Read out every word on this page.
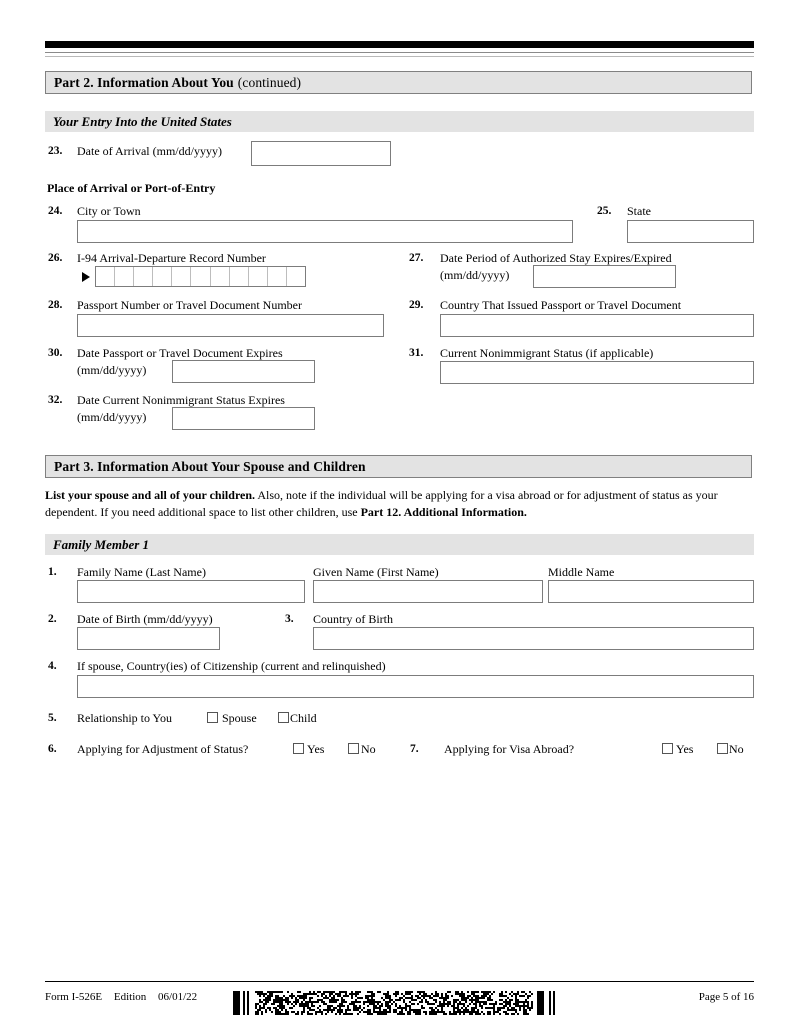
Part 2. Information About You (continued)
Your Entry Into the United States
23. Date of Arrival (mm/dd/yyyy)
Place of Arrival or Port-of-Entry
24. City or Town	25. State
26. I-94 Arrival-Departure Record Number	27. Date Period of Authorized Stay Expires/Expired
(mm/dd/yyyy)
28. Passport Number or Travel Document Number	29. Country That Issued Passport or Travel Document
30. Date Passport or Travel Document Expires
(mm/dd/yyyy)
31. Current Nonimmigrant Status (if applicable)
32. Date Current Nonimmigrant Status Expires
(mm/dd/yyyy)
Part 3. Information About Your Spouse and Children
List your spouse and all of your children. Also, note if the individual will be applying for a visa abroad or for adjustment of status as your dependent. If you need additional space to list other children, use Part 12. Additional Information.
Family Member 1
1. Family Name (Last Name)	Given Name (First Name)	Middle Name
2. Date of Birth (mm/dd/yyyy)	3. Country of Birth
4. If spouse, Country(ies) of Citizenship (current and relinquished)
5. Relationship to You	Spouse	Child
6. Applying for Adjustment of Status?	Yes	No	7. Applying for Visa Abroad?	Yes	No
Form I-526E Edition 06/01/22	Page 5 of 16
